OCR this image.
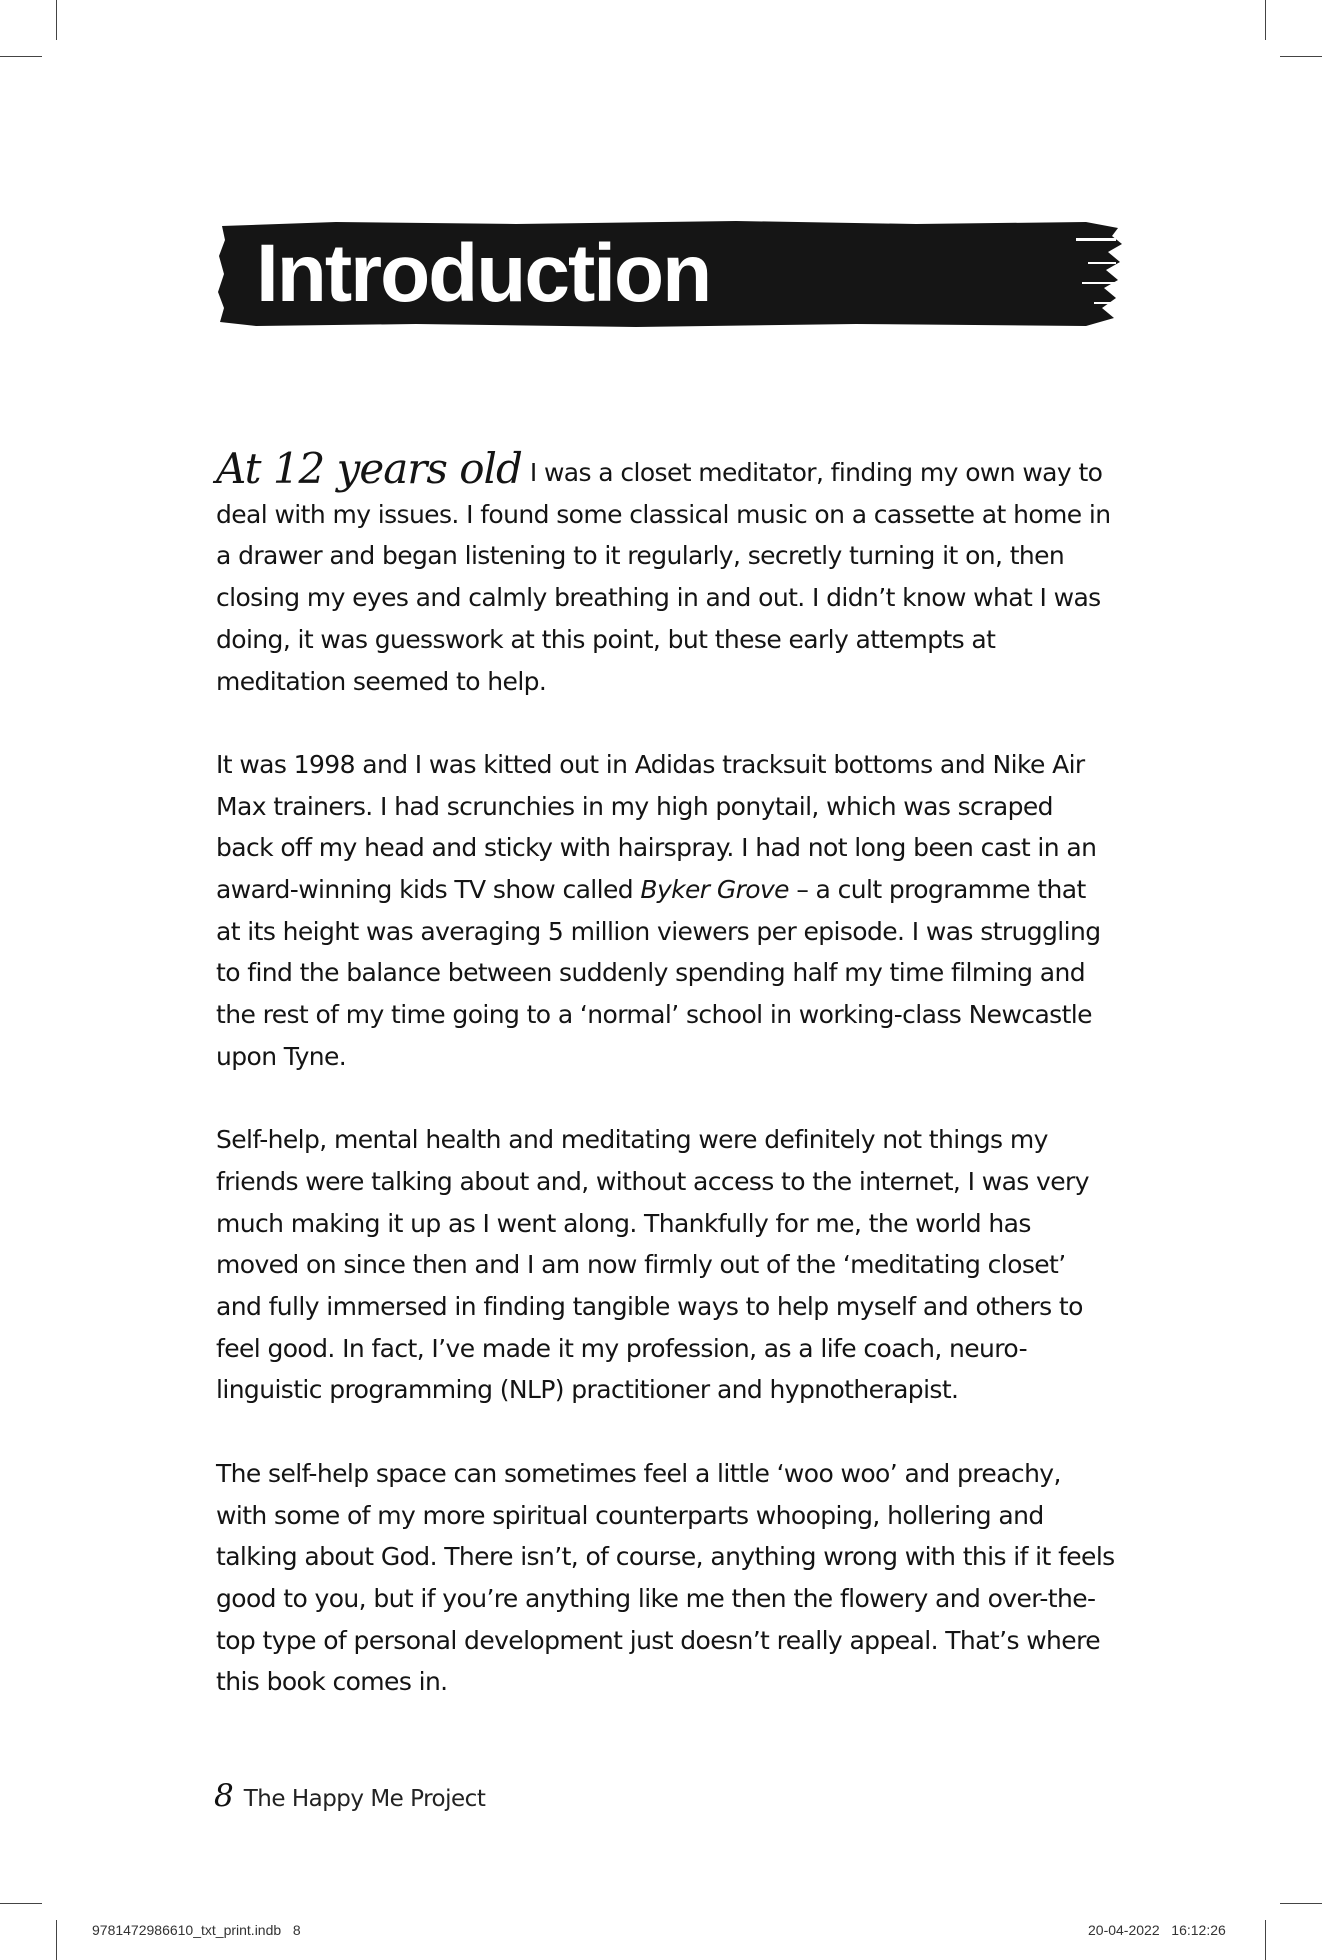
Introduction

At 12 years old I was a closet meditator, finding my own way to deal with my issues. I found some classical music on a cassette at home in a drawer and began listening to it regularly, secretly turning it on, then closing my eyes and calmly breathing in and out. I didn’t know what I was doing, it was guesswork at this point, but these early attempts at meditation seemed to help.

It was 1998 and I was kitted out in Adidas tracksuit bottoms and Nike Air Max trainers. I had scrunchies in my high ponytail, which was scraped back off my head and sticky with hairspray. I had not long been cast in an award-winning kids TV show called Byker Grove – a cult programme that at its height was averaging 5 million viewers per episode. I was struggling to find the balance between suddenly spending half my time filming and the rest of my time going to a ‘normal’ school in working-class Newcastle upon Tyne.

Self-help, mental health and meditating were definitely not things my friends were talking about and, without access to the internet, I was very much making it up as I went along. Thankfully for me, the world has moved on since then and I am now firmly out of the ‘meditating closet’ and fully immersed in finding tangible ways to help myself and others to feel good. In fact, I’ve made it my profession, as a life coach, neuro-linguistic programming (NLP) practitioner and hypnotherapist.

The self-help space can sometimes feel a little ‘woo woo’ and preachy, with some of my more spiritual counterparts whooping, hollering and talking about God. There isn’t, of course, anything wrong with this if it feels good to you, but if you’re anything like me then the flowery and over-the-top type of personal development just doesn’t really appeal. That’s where this book comes in.

8 The Happy Me Project
9781472986610_txt_print.indb   8	20-04-2022   16:12:26
